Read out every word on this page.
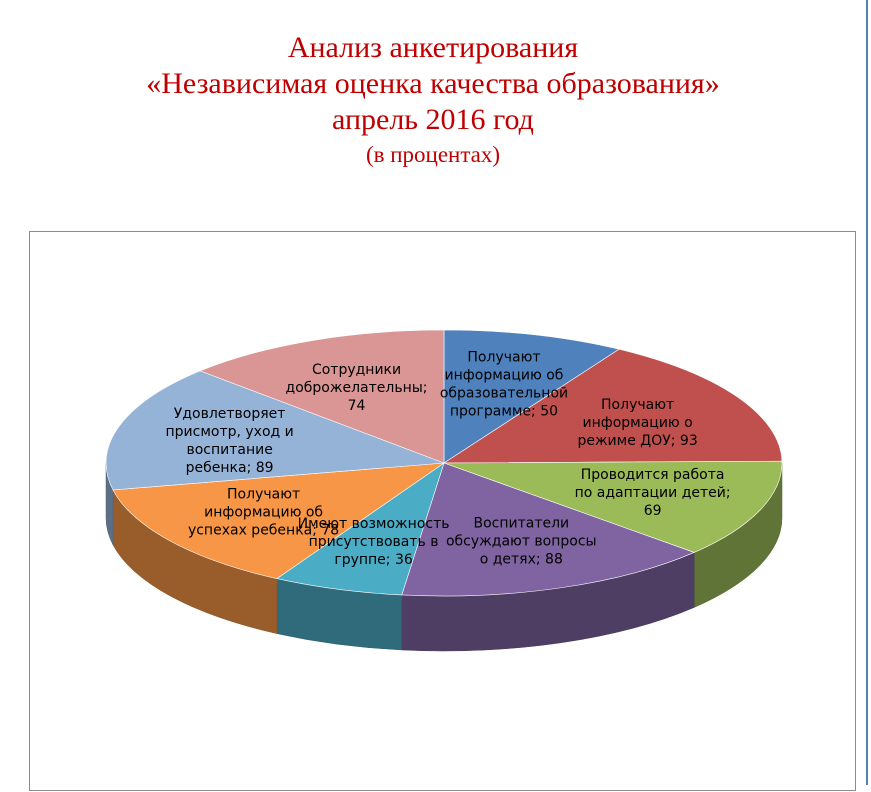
Анализ анкетирования
«Независимая оценка качества образования»
апрель 2016 год
(в процентах)
Получают информацию об образовательной программе; 50	Получают информацию о режиме ДОУ; 93
Проводится работа по адаптации детей; 69
Воспитатели обсуждают вопросы о детях; 88
Имеют возможность присутствовать в группе; 36
Получают информацию об успехах ребенка; 78
Удовлетворяет присмотр, уход и воспитание ребенка; 89
Сотрудники доброжелательны; 74
